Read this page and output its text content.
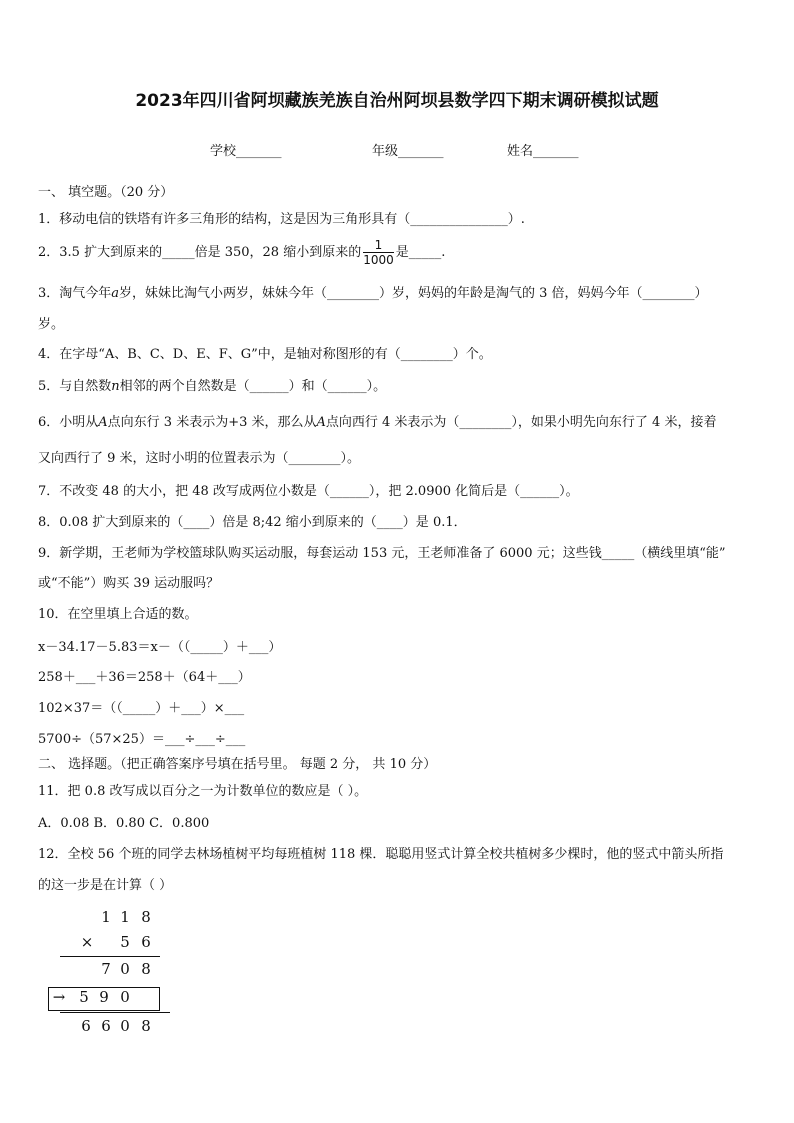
2023年四川省阿坝藏族羌族自治州阿坝县数学四下期末调研模拟试题
学校_______	年级_______	姓名_______
一、 填空题。（20 分）
1．移动电信的铁塔有许多三角形的结构，这是因为三角形具有（_______________）.
2．3.5 扩大到原来的_____倍是 350，28 缩小到原来的 $\frac{1}{1000}$ 是_____.
3．淘气今年𝑎岁，妹妹比淘气小两岁，妹妹今年（________）岁，妈妈的年龄是淘气的 3 倍，妈妈今年（________）
岁。
4．在字母“A、B、C、D、E、F、G”中，是轴对称图形的有（________）个。
5．与自然数𝑛相邻的两个自然数是（______）和（______）。
6．小明从𝐴点向东行 3 米表示为+3 米，那么从𝐴点向西行 4 米表示为（________），如果小明先向东行了 4 米，接着
又向西行了 9 米，这时小明的位置表示为（________）。
7．不改变 48 的大小，把 48 改写成两位小数是（______），把 2.0900 化简后是（______）。
8．0.08 扩大到原来的（____）倍是 8;42 缩小到原来的（____）是 0.1．
9．新学期，王老师为学校篮球队购买运动服，每套运动 153 元，王老师准备了 6000 元；这些钱_____（横线里填“能”
或“不能”）购买 39 运动服吗？
10．在空里填上合适的数。
x－34.17－5.83＝x－（（_____）＋___）
258＋___＋36＝258＋（64＋___）
102×37＝（（_____）＋___）×___
5700÷（57×25）＝___÷___÷___
二、 选择题。（把正确答案序号填在括号里。 每题 2 分， 共 10 分）
11．把 0.8 改写成以百分之一为计数单位的数应是（ ）。
A．0.08 B．0.80 C．0.800
12．全校 56 个班的同学去林场植树平均每班植树 118 棵．聪聪用竖式计算全校共植树多少棵时，他的竖式中箭头所指
的这一步是在计算（ ）
1 1 8
× 5 6
7 0 8
→ 5 9 0
6 6 0 8
